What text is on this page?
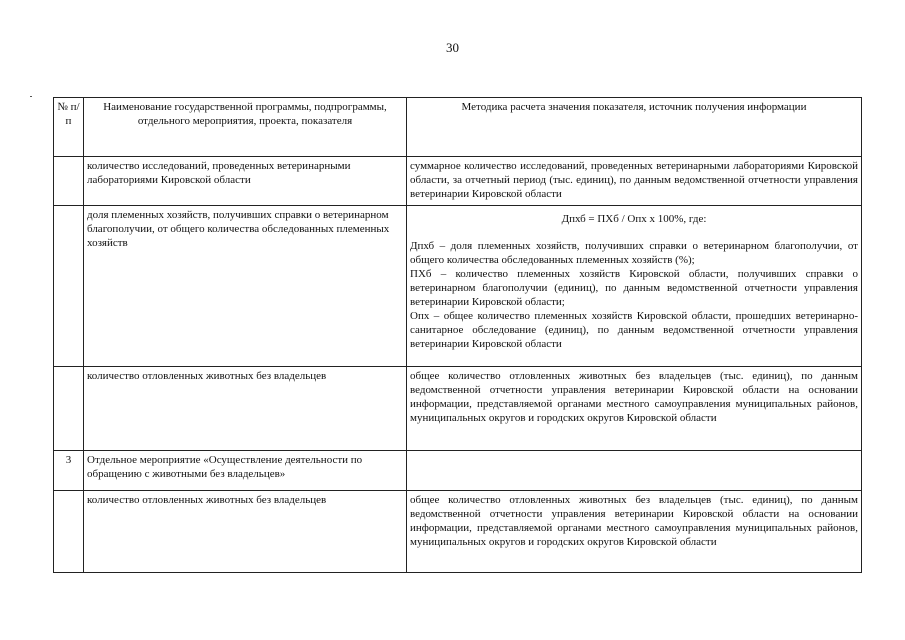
30
№ п/п	Наименование государственной программы, подпрограммы, отдельного мероприятия, проекта, показателя	Методика расчета значения показателя, источник получения информации
	количество исследований, проведенных ветеринарными лабораториями Кировской области	суммарное количество исследований, проведенных ветеринарными лабораториями Кировской области, за отчетный период (тыс. единиц), по данным ведомственной отчетности управления ветеринарии Кировской области
	доля племенных хозяйств, получивших справки о ветеринарном благополучии, от общего количества обследованных племенных хозяйств	Дпхб = ПХб / Опх x 100%, где:

Дпхб – доля племенных хозяйств, получивших справки о ветеринарном благополучии, от общего количества обследованных племенных хозяйств (%);

ПХб – количество племенных хозяйств Кировской области, получивших справки о ветеринарном благополучии (единиц), по данным ведомственной отчетности управления ветеринарии Кировской области;

Опх – общее количество племенных хозяйств Кировской области, прошедших ветеринарно-санитарное обследование (единиц), по данным ведомственной отчетности управления ветеринарии Кировской области

	количество отловленных животных без владельцев	общее количество отловленных животных без владельцев (тыс. единиц), по данным ведомственной отчетности управления ветеринарии Кировской области на основании информации, представляемой органами местного самоуправления муниципальных районов, муниципальных округов и городских округов Кировской области
3	Отдельное мероприятие «Осуществление деятельности по обращению с животными без владельцев»	
	количество отловленных животных без владельцев	общее количество отловленных животных без владельцев (тыс. единиц), по данным ведомственной отчетности управления ветеринарии Кировской области на основании информации, представляемой органами местного самоуправления муниципальных районов, муниципальных округов и городских округов Кировской области
